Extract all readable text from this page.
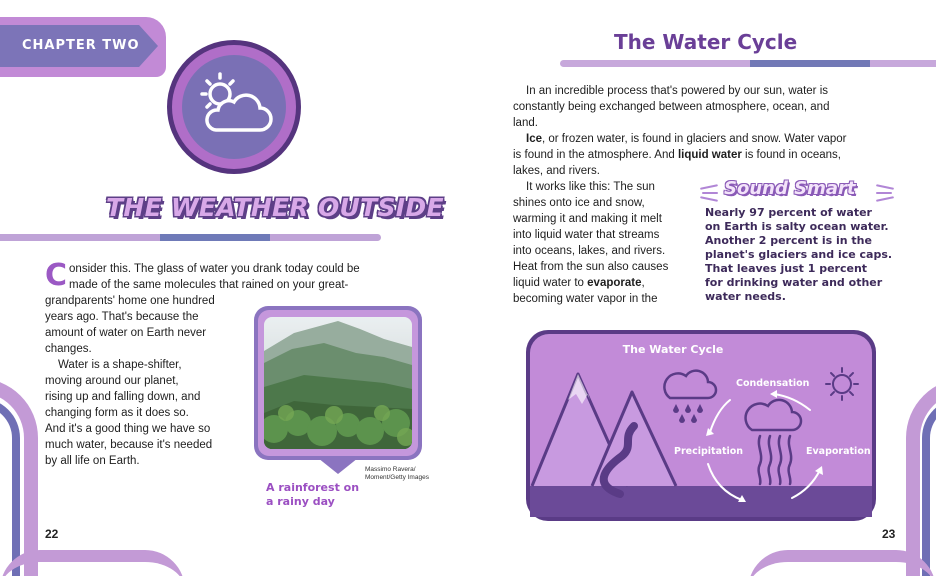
CHAPTER TWO
THE WEATHER OUTSIDE
C onsider this. The glass of water you drank today could be
made of the same molecules that rained on your great-
grandparents' home one hundred
years ago. That's because the
amount of water on Earth never
changes.
Water is a shape-shifter,
moving around our planet,
rising up and falling down, and
changing form as it does so.
And it's a good thing we have so
much water, because it's needed
by all life on Earth.
A rainforest on a rainy day
Massimo Ravera/ Moment/Getty Images
22
The Water Cycle
In an incredible process that's powered by our sun, water is
constantly being exchanged between atmosphere, ocean, and
land.
Ice, or frozen water, is found in glaciers and snow. Water vapor
is found in the atmosphere. And liquid water is found in oceans,
lakes, and rivers.
It works like this: The sun
shines onto ice and snow,
warming it and making it melt
into liquid water that streams
into oceans, lakes, and rivers.
Heat from the sun also causes
liquid water to evaporate,
becoming water vapor in the
Sound Smart
Nearly 97 percent of water
on Earth is salty ocean water.
Another 2 percent is in the
planet's glaciers and ice caps.
That leaves just 1 percent
for drinking water and other
water needs.
The Water Cycle
Condensation
Precipitation	Evaporation
23
